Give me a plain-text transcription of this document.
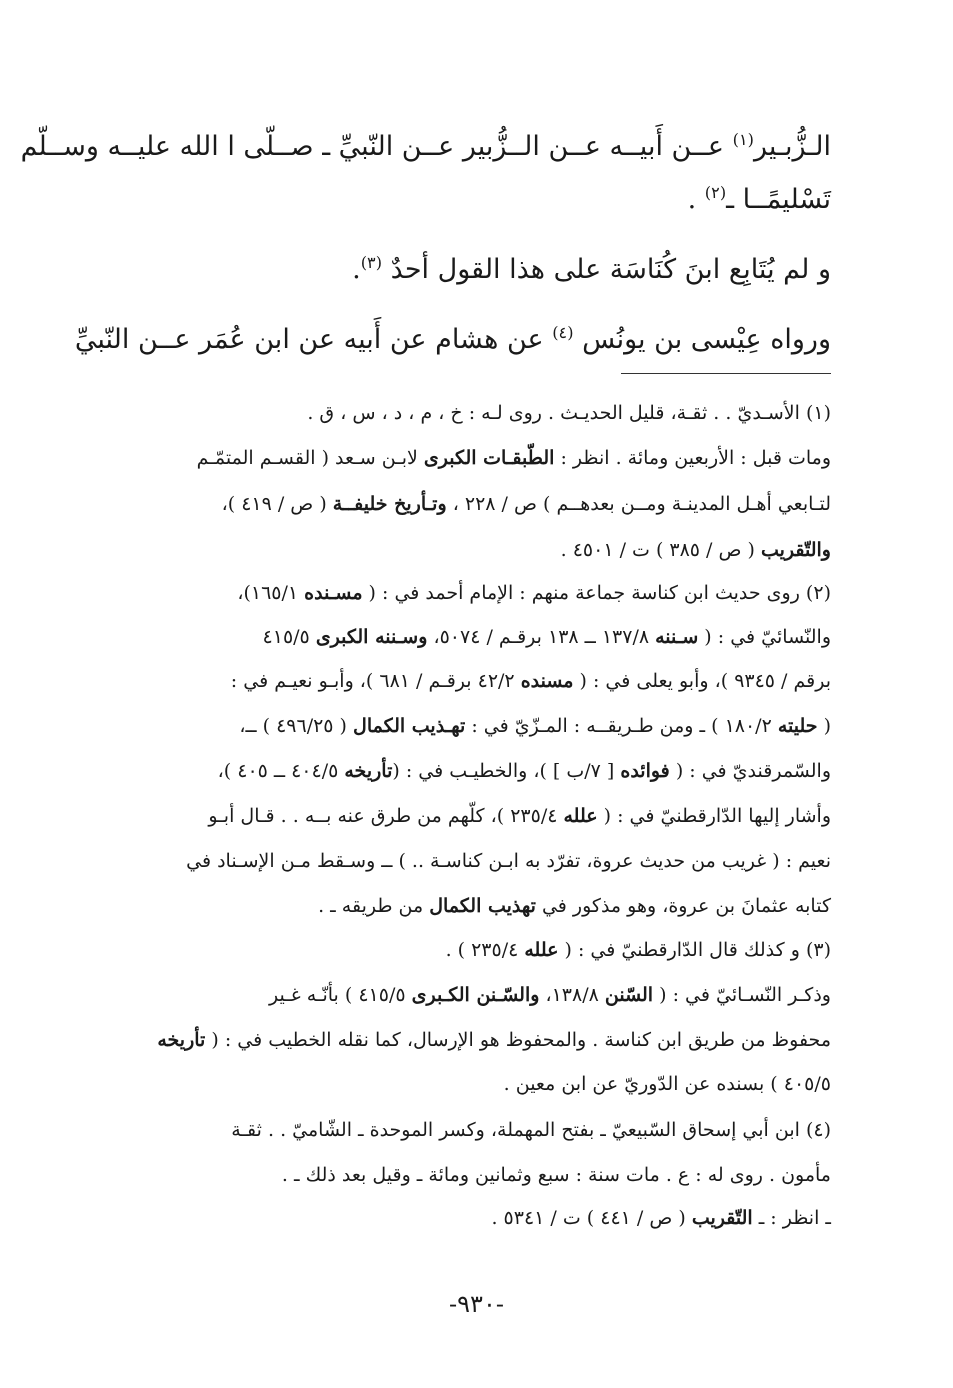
الـزُّبـير$^{(١)}$ عــن أَبيــه عــن الــزُّبير عــن النّبيِّ ـ صــلّى ا الله عليــه وســلّم
تَسْليمًــا ـ$^{(٢)}$ .
و لم يُتَابِع ابنَ كُنَاسَة على هذا القول أحدٌ $^{(٣)}$.
ورواه عِيْسى بن يونُس $^{(٤)}$ عن هشام عن أَبيه عن ابن عُمَر عــن النّبيِّ
(١) الأسـديّ . . ثقـة، قليل الحديـث . روى لـه : خ ، م ، د ، س ، ق .
ومات قبل : الأربعين ومائة . انظر : الطّبقـات الكبرى لابـن سـعد ( القسـم المتمّـم
لتـابعي أهـل المدينـة ومــن بعدهــم ) ص / ٢٢٨ ، وتـأريخ خليفــة ( ص / ٤١٩ )،
والتّقريب ( ص / ٣٨٥ ) ت / ٤٥٠١ .
(٢) روى حديث ابن كناسة جماعة منهم : الإمام أحمد في : ( مسـنده ١٦٥/١)،
والنّسائيّ في : ( سـننه ١٣٧/٨ ــ ١٣٨ برقـم / ٥٠٧٤، وسـننه الكبرى ٤١٥/٥
برقم / ٩٣٤٥ )، وأبو يعلى في : ( مسنده ٤٢/٢ برقـم / ٦٨١ )، وأبـو نعيـم في :
( حليته ١٨٠/٢ ) ـ ومن طـريقــه : المـزّيّ في : تهـذيب الكمال ( ٤٩٦/٢٥ ) ــ،
والسّمرقنديّ في : ( فوائده [ ٧/ب ] )، والخطيـب في : (تأريخه ٤٠٤/٥ ــ ٤٠٥ )،
وأشار إليها الدّارقطنيّ في : ( علله ٢٣٥/٤ )، كلّهم من طرق عنه بــه . . قـال أبـو
نعيم : ( غريب من حديث عروة، تفرّد به ابـن كناسـة .. ) ــ وسـقط مـن الإسـناد في
كتابه عثمانَ بن عروة، وهو مذكور في تهذيب الكمال من طريقه ـ .
(٣) و كذلك قال الدّارقطنيّ في : ( علله ٢٣٥/٤ ) .
وذكـر النّسـائيّ في : ( السّنن ١٣٨/٨، والسّـنن الكـبرى ٤١٥/٥ ) بأنّـه غـير
محفوظ من طريق ابن كناسة . والمحفوظ هو الإرسال، كما نقله الخطيب في : ( تأريخه
٤٠٥/٥ ) بسنده عن الدّوريّ عن ابن معين .
(٤) ابن أبي إسحاق السّبيعيّ ـ بفتح المهملة، وكسر الموحدة ـ الشّاميّ . . ثقـة
مأمون . روى له : ع . مات سنة : سبع وثمانين ومائة ـ وقيل بعد ذلك ـ .
ـ انظر : ـ التّقريب ( ص / ٤٤١ ) ت / ٥٣٤١ .
-٩٣٠-
